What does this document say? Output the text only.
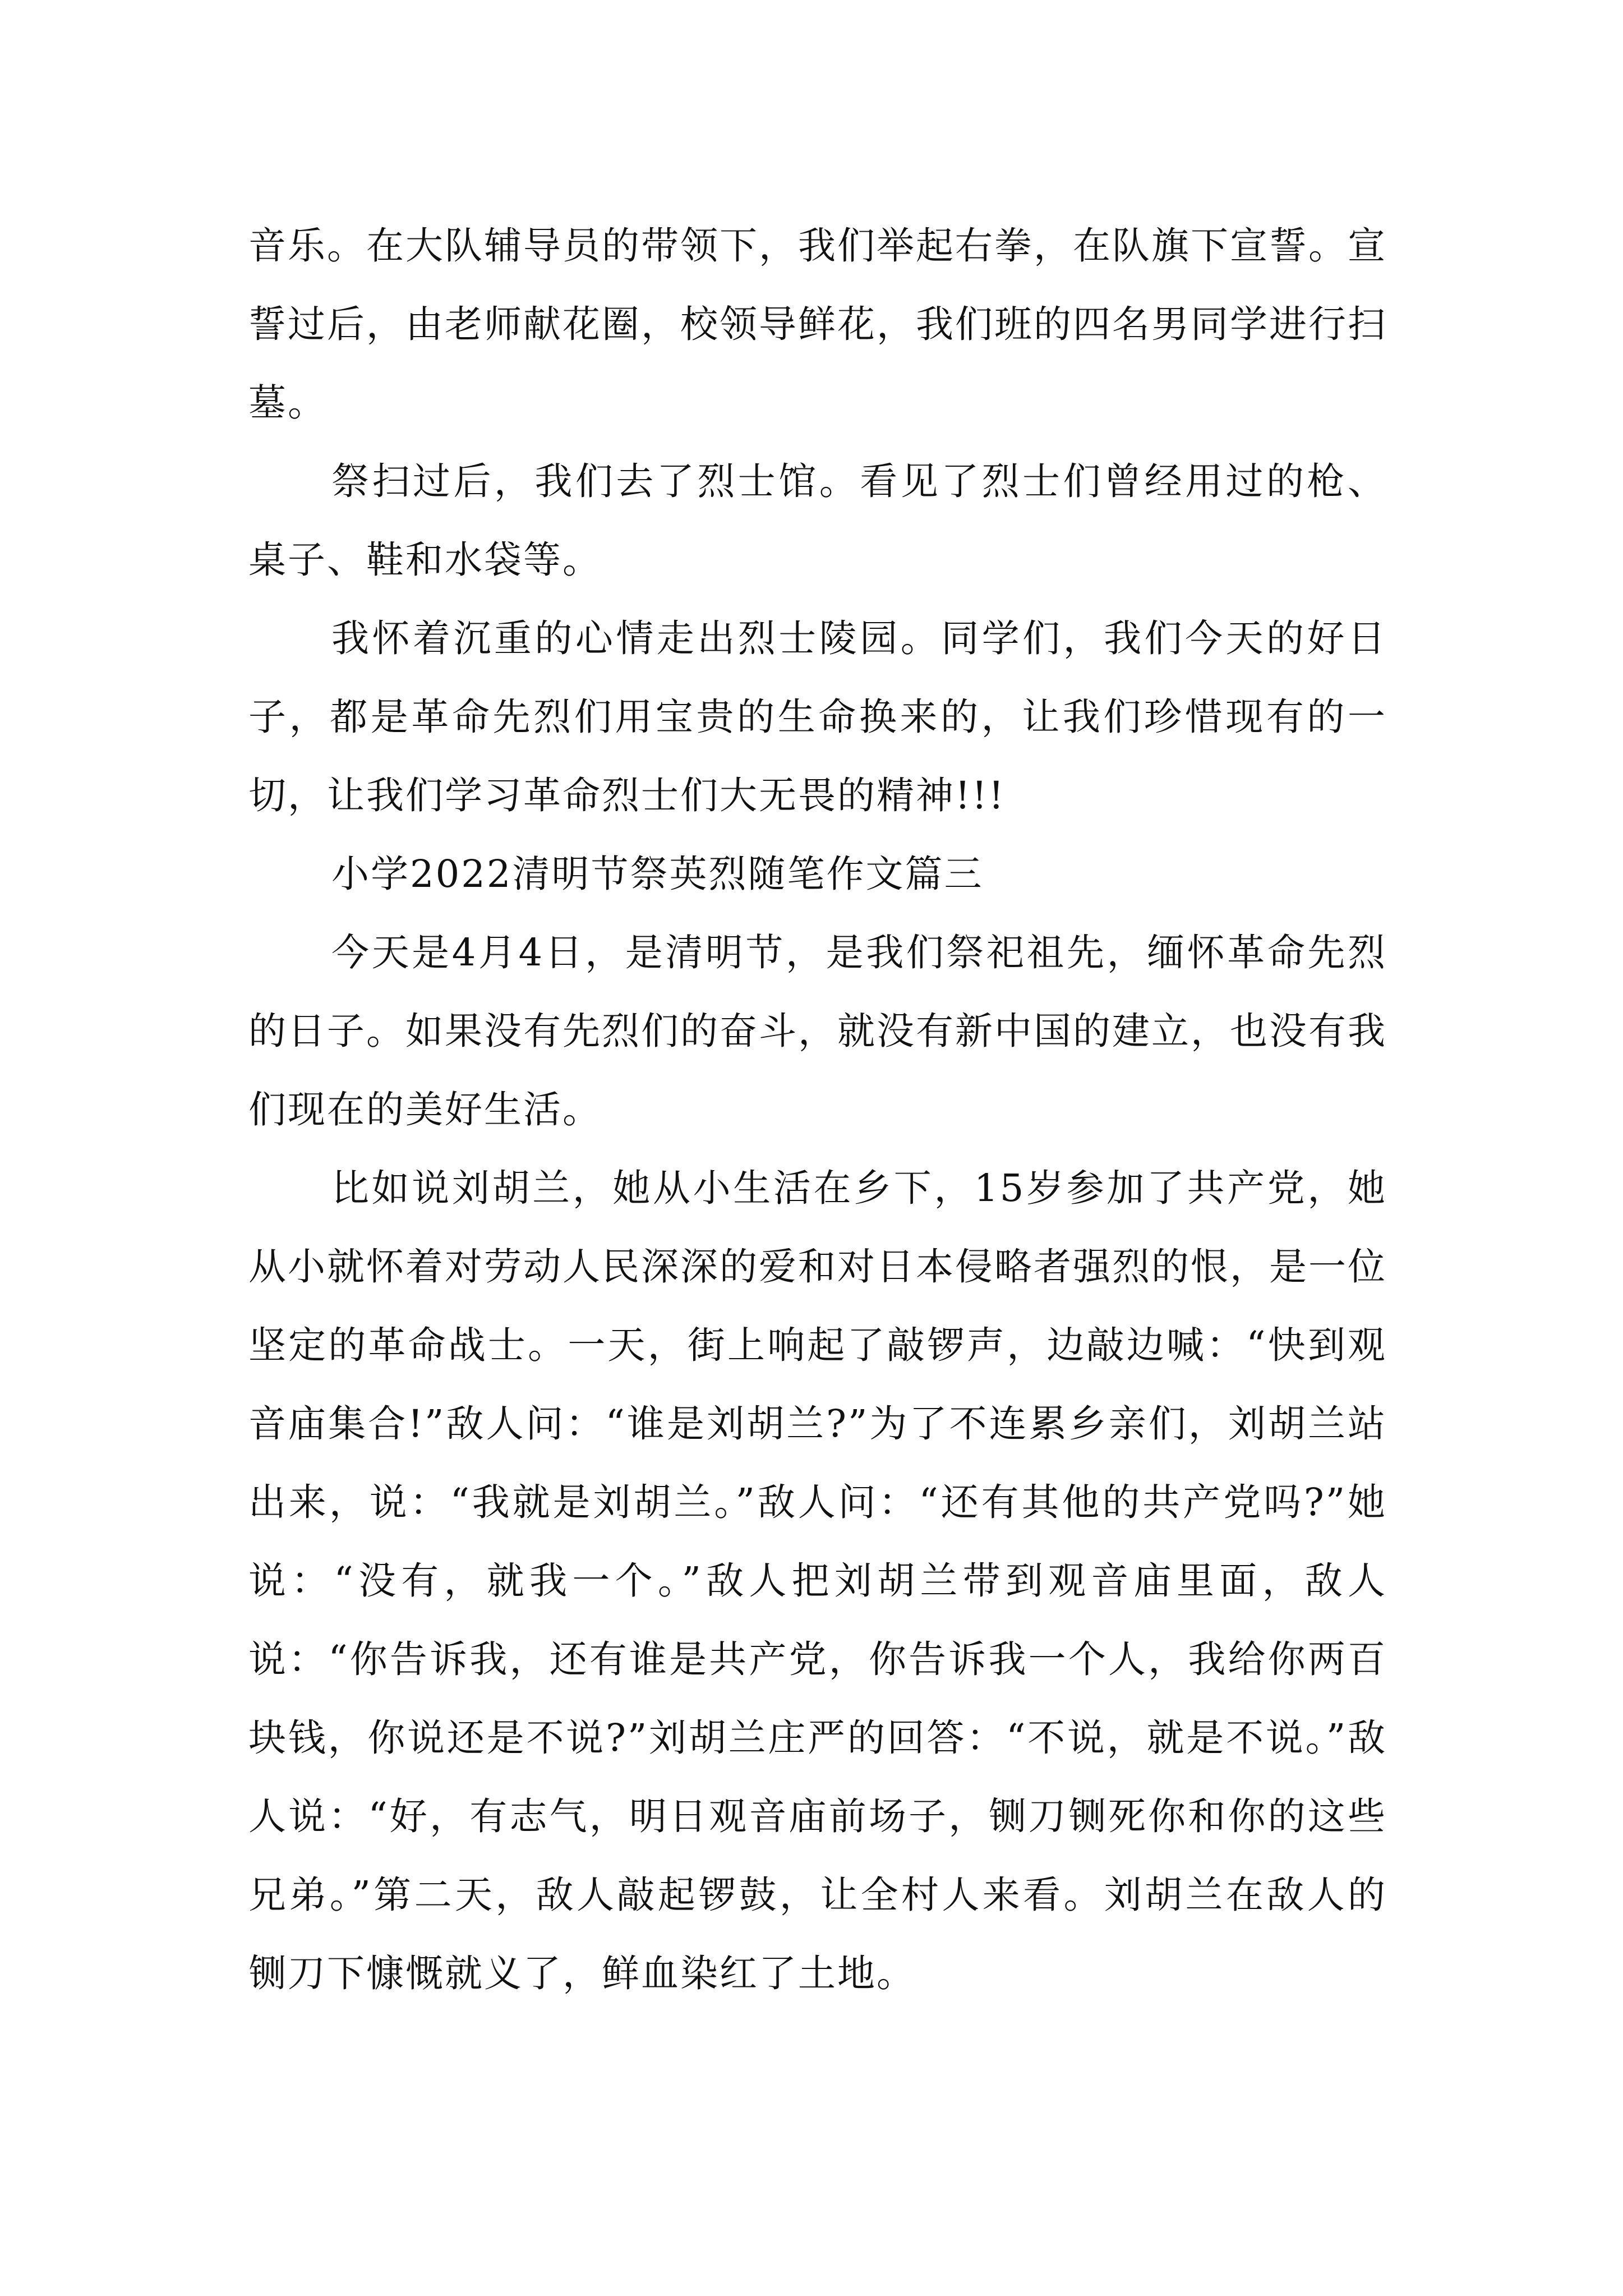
音乐。在大队辅导员的带领下，我们举起右拳，在队旗下宣誓。宣誓过后，由老师献花圈，校领导鲜花，我们班的四名男同学进行扫墓。

祭扫过后，我们去了烈士馆。看见了烈士们曾经用过的枪、桌子、鞋和水袋等。

我怀着沉重的心情走出烈士陵园。同学们，我们今天的好日子，都是革命先烈们用宝贵的生命换来的，让我们珍惜现有的一切，让我们学习革命烈士们大无畏的精神!!!

小学2022清明节祭英烈随笔作文篇三

今天是4月4日，是清明节，是我们祭祀祖先，缅怀革命先烈的日子。如果没有先烈们的奋斗，就没有新中国的建立，也没有我们现在的美好生活。

比如说刘胡兰，她从小生活在乡下，15岁参加了共产党，她从小就怀着对劳动人民深深的爱和对日本侵略者强烈的恨，是一位坚定的革命战士。一天，街上响起了敲锣声，边敲边喊：“快到观音庙集合!”敌人问：“谁是刘胡兰?”为了不连累乡亲们，刘胡兰站出来，说：“我就是刘胡兰。”敌人问：“还有其他的共产党吗?”她说：“没有，就我一个。”敌人把刘胡兰带到观音庙里面，敌人说：“你告诉我，还有谁是共产党，你告诉我一个人，我给你两百块钱，你说还是不说?”刘胡兰庄严的回答：“不说，就是不说。”敌人说：“好，有志气，明日观音庙前场子，铡刀铡死你和你的这些兄弟。”第二天，敌人敲起锣鼓，让全村人来看。刘胡兰在敌人的铡刀下慷慨就义了，鲜血染红了土地。
